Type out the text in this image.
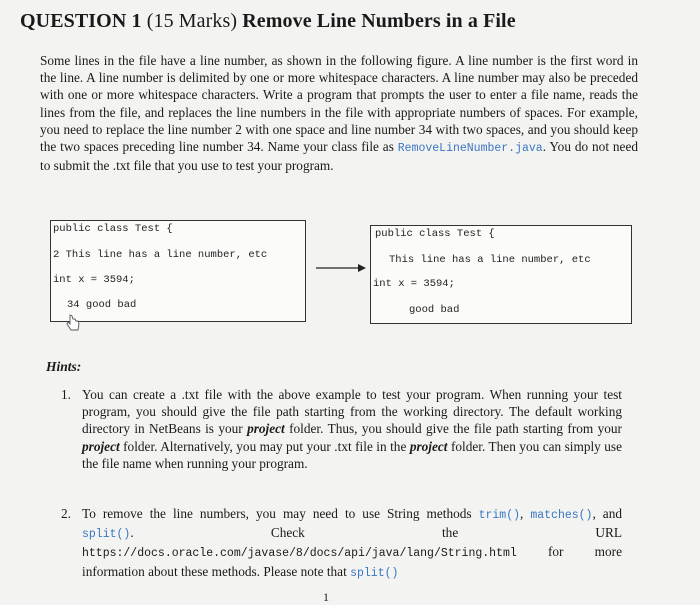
QUESTION 1 (15 Marks) Remove Line Numbers in a File
Some lines in the file have a line number, as shown in the following figure. A line number is the first word in the line. A line number is delimited by one or more whitespace characters. A line number may also be preceded with one or more whitespace characters. Write a program that prompts the user to enter a file name, reads the lines from the file, and replaces the line numbers in the file with appropriate numbers of spaces. For example, you need to replace the line number 2 with one space and line number 34 with two spaces, and you should keep the two spaces preceding line number 34. Name your class file as RemoveLineNumber.java. You do not need to submit the .txt file that you use to test your program.
public class Test {
2 This line has a line number, etc
int x = 3594;
34 good bad
public class Test {
This line has a line number, etc
int x = 3594;
good bad
Hints:
1. You can create a .txt file with the above example to test your program. When running your test program, you should give the file path starting from the working directory. The default working directory in NetBeans is your project folder. Thus, you should give the file path starting from your project folder. Alternatively, you may put your .txt file in the project folder. Then you can simply use the file name when running your program.
2. To remove the line numbers, you may need to use String methods trim(), matches(), and split(). Check the URL https://docs.oracle.com/javase/8/docs/api/java/lang/String.html for more information about these methods. Please note that split()
1
